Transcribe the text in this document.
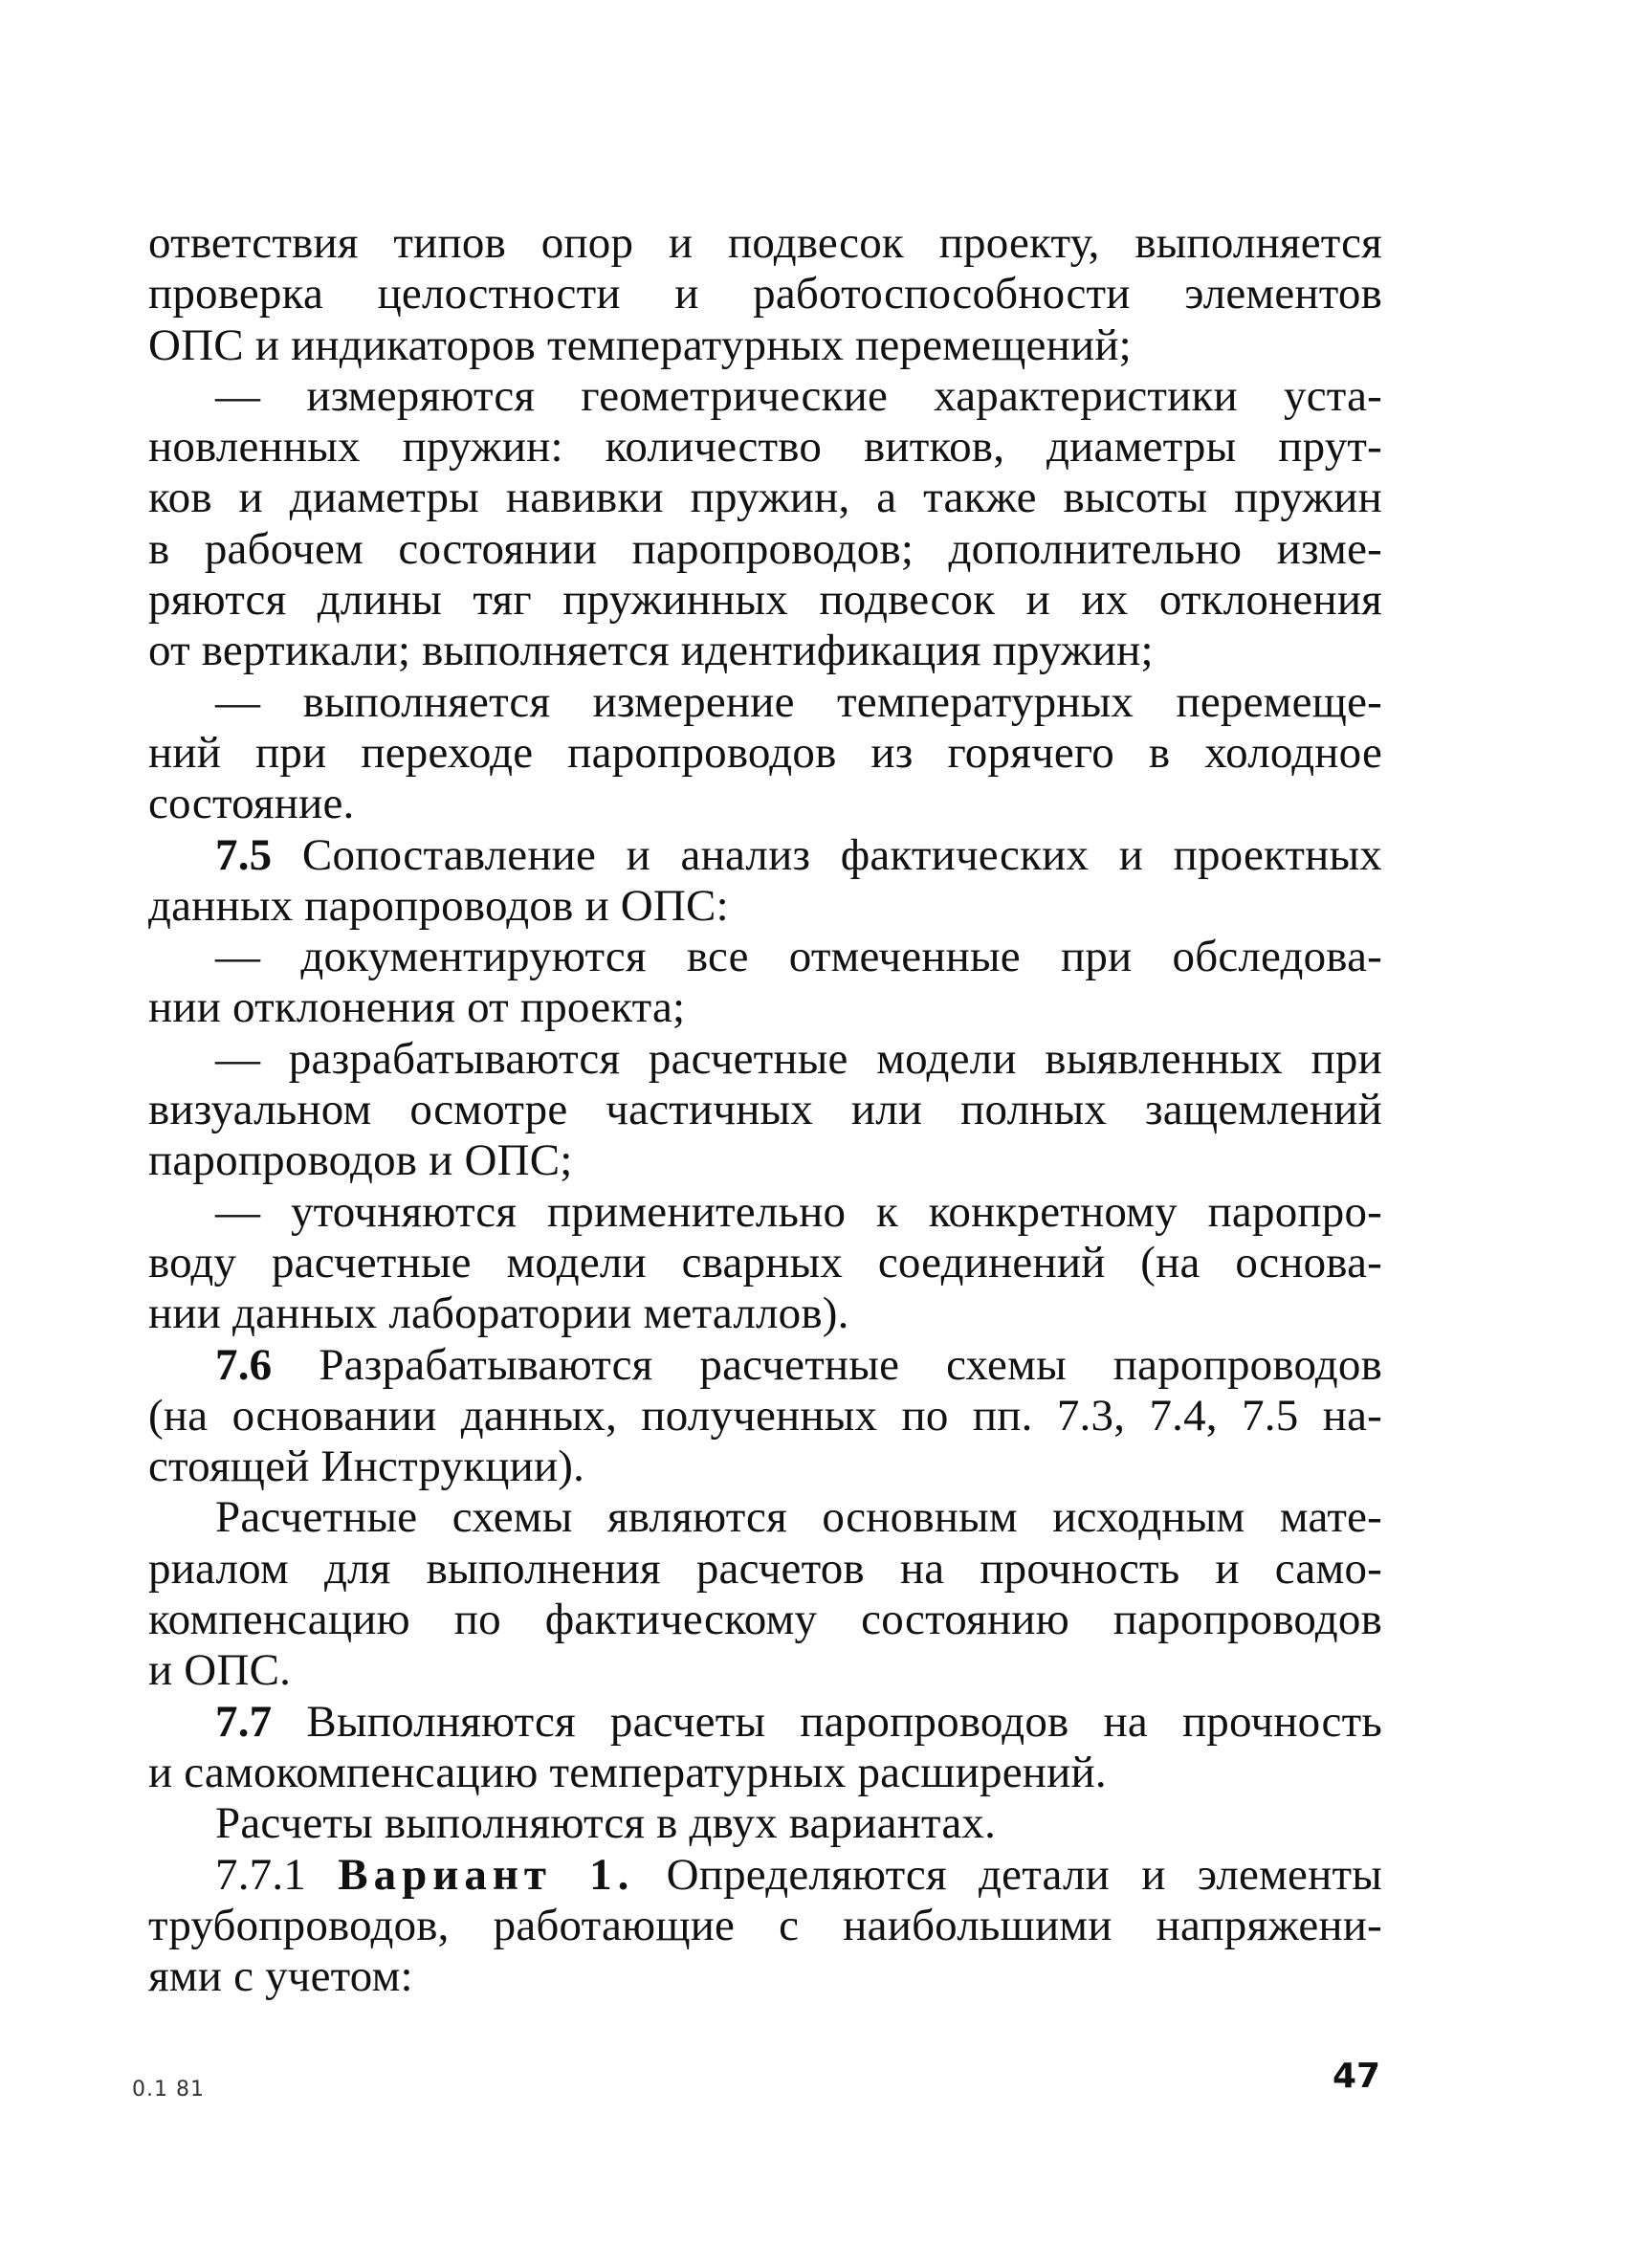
ответствия типов опор и подвесок проекту, выполняется
проверка целостности и работоспособности элементов
ОПС и индикаторов температурных перемещений;
— измеряются геометрические характеристики уста-
новленных пружин: количество витков, диаметры прут-
ков и диаметры навивки пружин, а также высоты пружин
в рабочем состоянии паропроводов; дополнительно изме-
ряются длины тяг пружинных подвесок и их отклонения
от вертикали; выполняется идентификация пружин;
— выполняется измерение температурных перемеще-
ний при переходе паропроводов из горячего в холодное
состояние.
7.5 Сопоставление и анализ фактических и проектных
данных паропроводов и ОПС:
— документируются все отмеченные при обследова-
нии отклонения от проекта;
— разрабатываются расчетные модели выявленных при
визуальном осмотре частичных или полных защемлений
паропроводов и ОПС;
— уточняются применительно к конкретному паропро-
воду расчетные модели сварных соединений (на основа-
нии данных лаборатории металлов).
7.6 Разрабатываются расчетные схемы паропроводов
(на основании данных, полученных по пп. 7.3, 7.4, 7.5 на-
стоящей Инструкции).
Расчетные схемы являются основным исходным мате-
риалом для выполнения расчетов на прочность и само-
компенсацию по фактическому состоянию паропроводов
и ОПС.
7.7 Выполняются расчеты паропроводов на прочность
и самокомпенсацию температурных расширений.
Расчеты выполняются в двух вариантах.
7.7.1 Вариант 1. Определяются детали и элементы
трубопроводов, работающие с наибольшими напряжени-
ями с учетом:
0.1 81	47
